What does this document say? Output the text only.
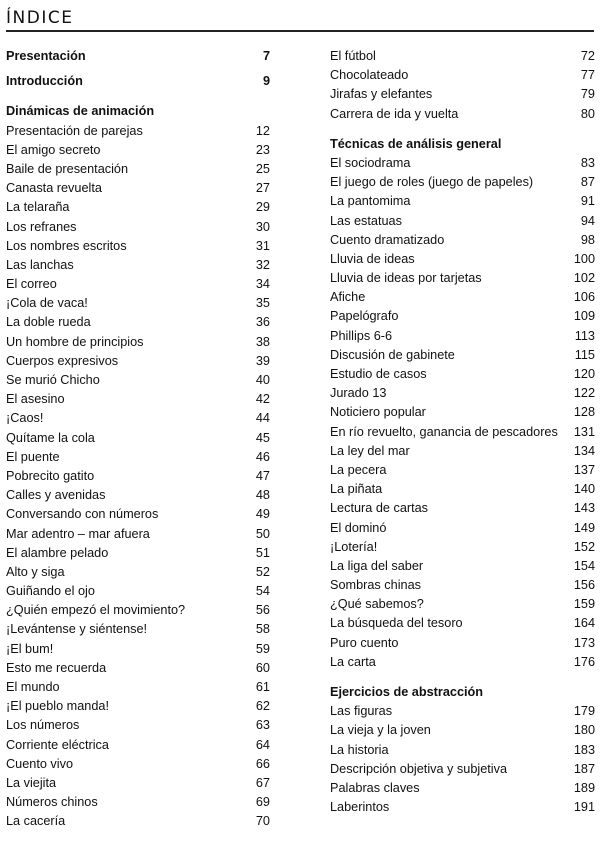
ÍNDICE
Presentación	7
Introducción	9
Dinámicas de animación
Presentación de parejas	12
El amigo secreto	23
Baile de presentación	25
Canasta revuelta	27
La telaraña	29
Los refranes	30
Los nombres escritos	31
Las lanchas	32
El correo	34
¡Cola de vaca!	35
La doble rueda	36
Un hombre de principios	38
Cuerpos expresivos	39
Se murió Chicho	40
El asesino	42
¡Caos!	44
Quítame la cola	45
El puente	46
Pobrecito gatito	47
Calles y avenidas	48
Conversando con números	49
Mar adentro – mar afuera	50
El alambre pelado	51
Alto y siga	52
Guiñando el ojo	54
¿Quién empezó el movimiento?	56
¡Levántense y siéntense!	58
¡El bum!	59
Esto me recuerda	60
El mundo	61
¡El pueblo manda!	62
Los números	63
Corriente eléctrica	64
Cuento vivo	66
La viejita	67
Números chinos	69
La cacería	70
El fútbol	72
Chocolateado	77
Jirafas y elefantes	79
Carrera de ida y vuelta	80
Técnicas de análisis general
El sociodrama	83
El juego de roles (juego de papeles)	87
La pantomima	91
Las estatuas	94
Cuento dramatizado	98
Lluvia de ideas	100
Lluvia de ideas por tarjetas	102
Afiche	106
Papelógrafo	109
Phillips 6-6	113
Discusión de gabinete	115
Estudio de casos	120
Jurado 13	122
Noticiero popular	128
En río revuelto, ganancia de pescadores	131
La ley del mar	134
La pecera	137
La piñata	140
Lectura de cartas	143
El dominó	149
¡Lotería!	152
La liga del saber	154
Sombras chinas	156
¿Qué sabemos?	159
La búsqueda del tesoro	164
Puro cuento	173
La carta	176
Ejercicios de abstracción
Las figuras	179
La vieja y la joven	180
La historia	183
Descripción objetiva y subjetiva	187
Palabras claves	189
Laberintos	191
